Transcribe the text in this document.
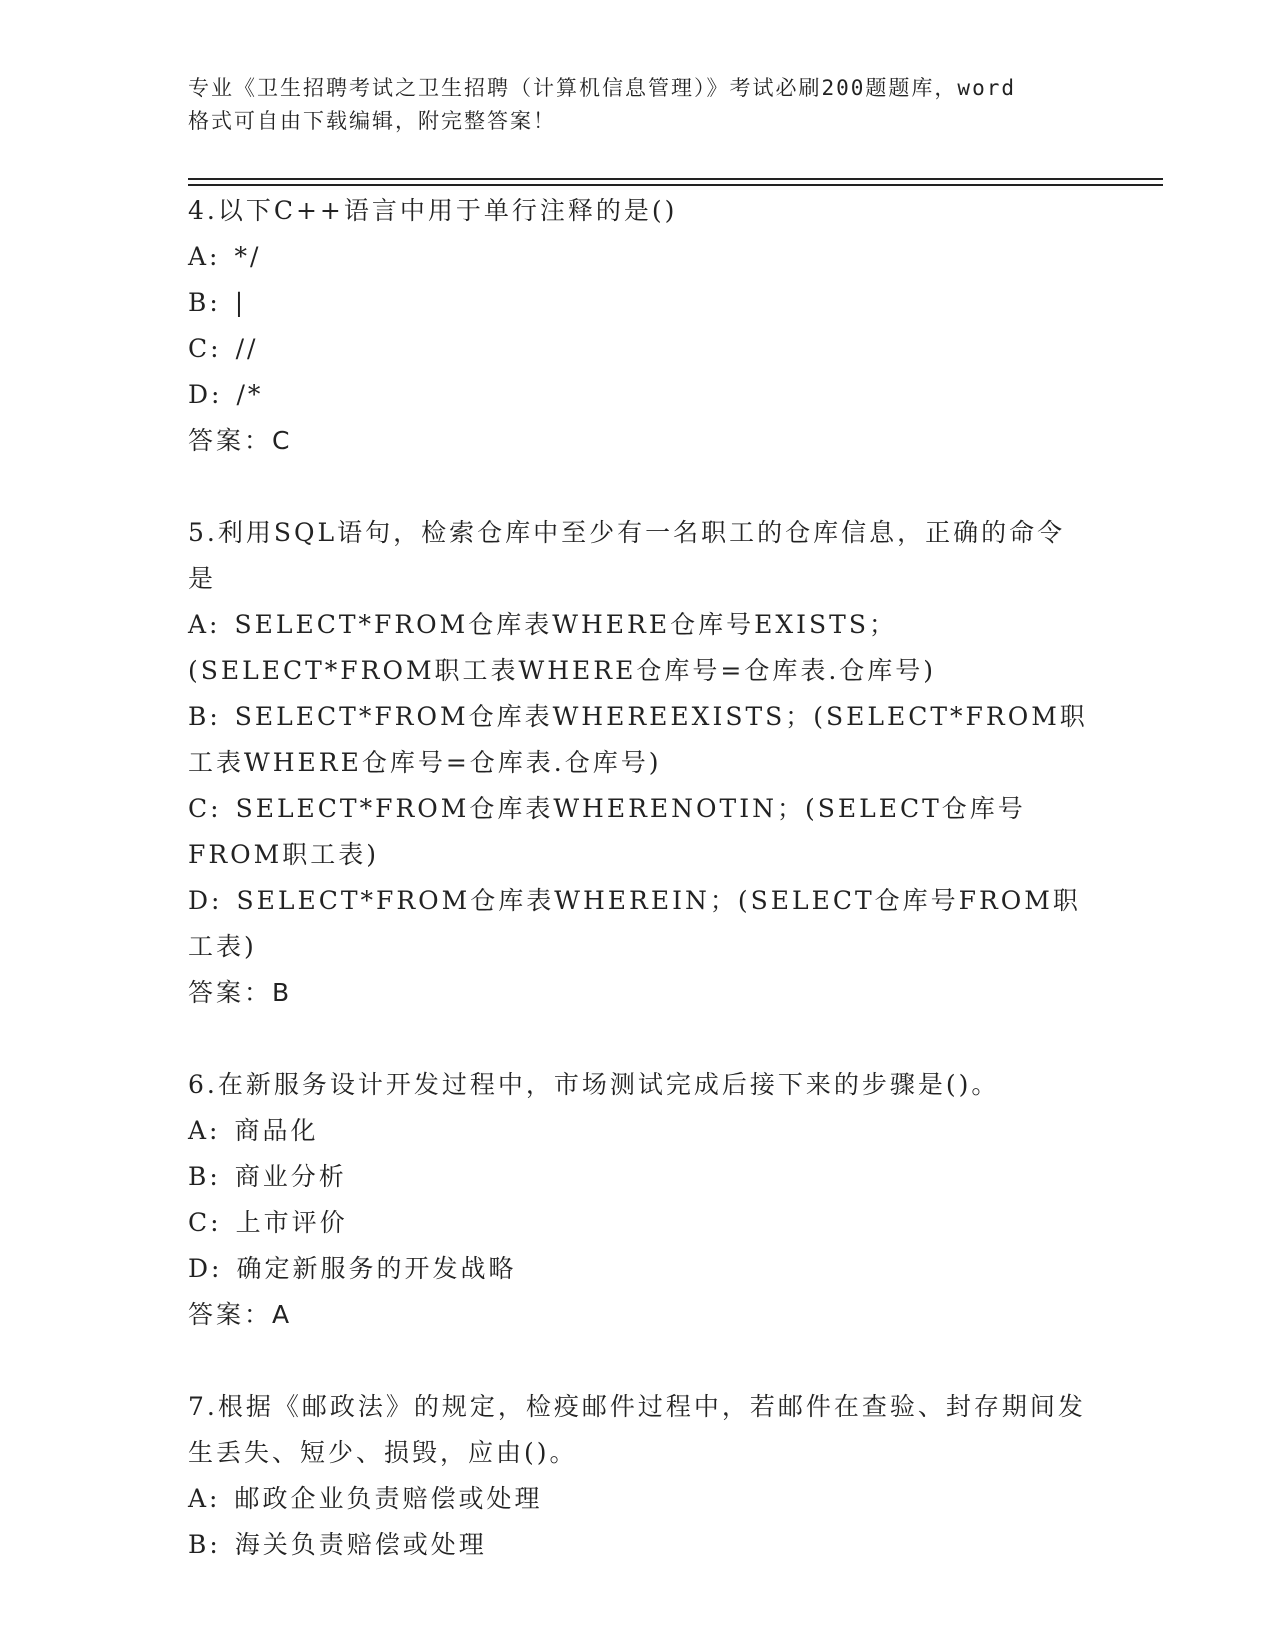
专业《卫生招聘考试之卫生招聘（计算机信息管理）》考试必刷200题题库，word
格式可自由下载编辑，附完整答案！

4.以下C++语言中用于单行注释的是()

A: */

B: |

C: //

D: /*

答案：C

5.利用SQL语句，检索仓库中至少有一名职工的仓库信息，正确的命令是

A: SELECT*FROM仓库表WHERE仓库号EXISTS；(SELECT*FROM职工表WHERE仓库号=仓库表.仓库号)

B: SELECT*FROM仓库表WHEREEXISTS；(SELECT*FROM职工表WHERE仓库号=仓库表.仓库号)

C: SELECT*FROM仓库表WHERENOTIN；(SELECT仓库号FROM职工表)

D: SELECT*FROM仓库表WHEREIN；(SELECT仓库号FROM职工表)

答案：B

6.在新服务设计开发过程中，市场测试完成后接下来的步骤是()。

A: 商品化

B: 商业分析

C: 上市评价

D: 确定新服务的开发战略

答案：A

7.根据《邮政法》的规定，检疫邮件过程中，若邮件在查验、封存期间发生丢失、短少、损毁，应由()。

A: 邮政企业负责赔偿或处理

B: 海关负责赔偿或处理
